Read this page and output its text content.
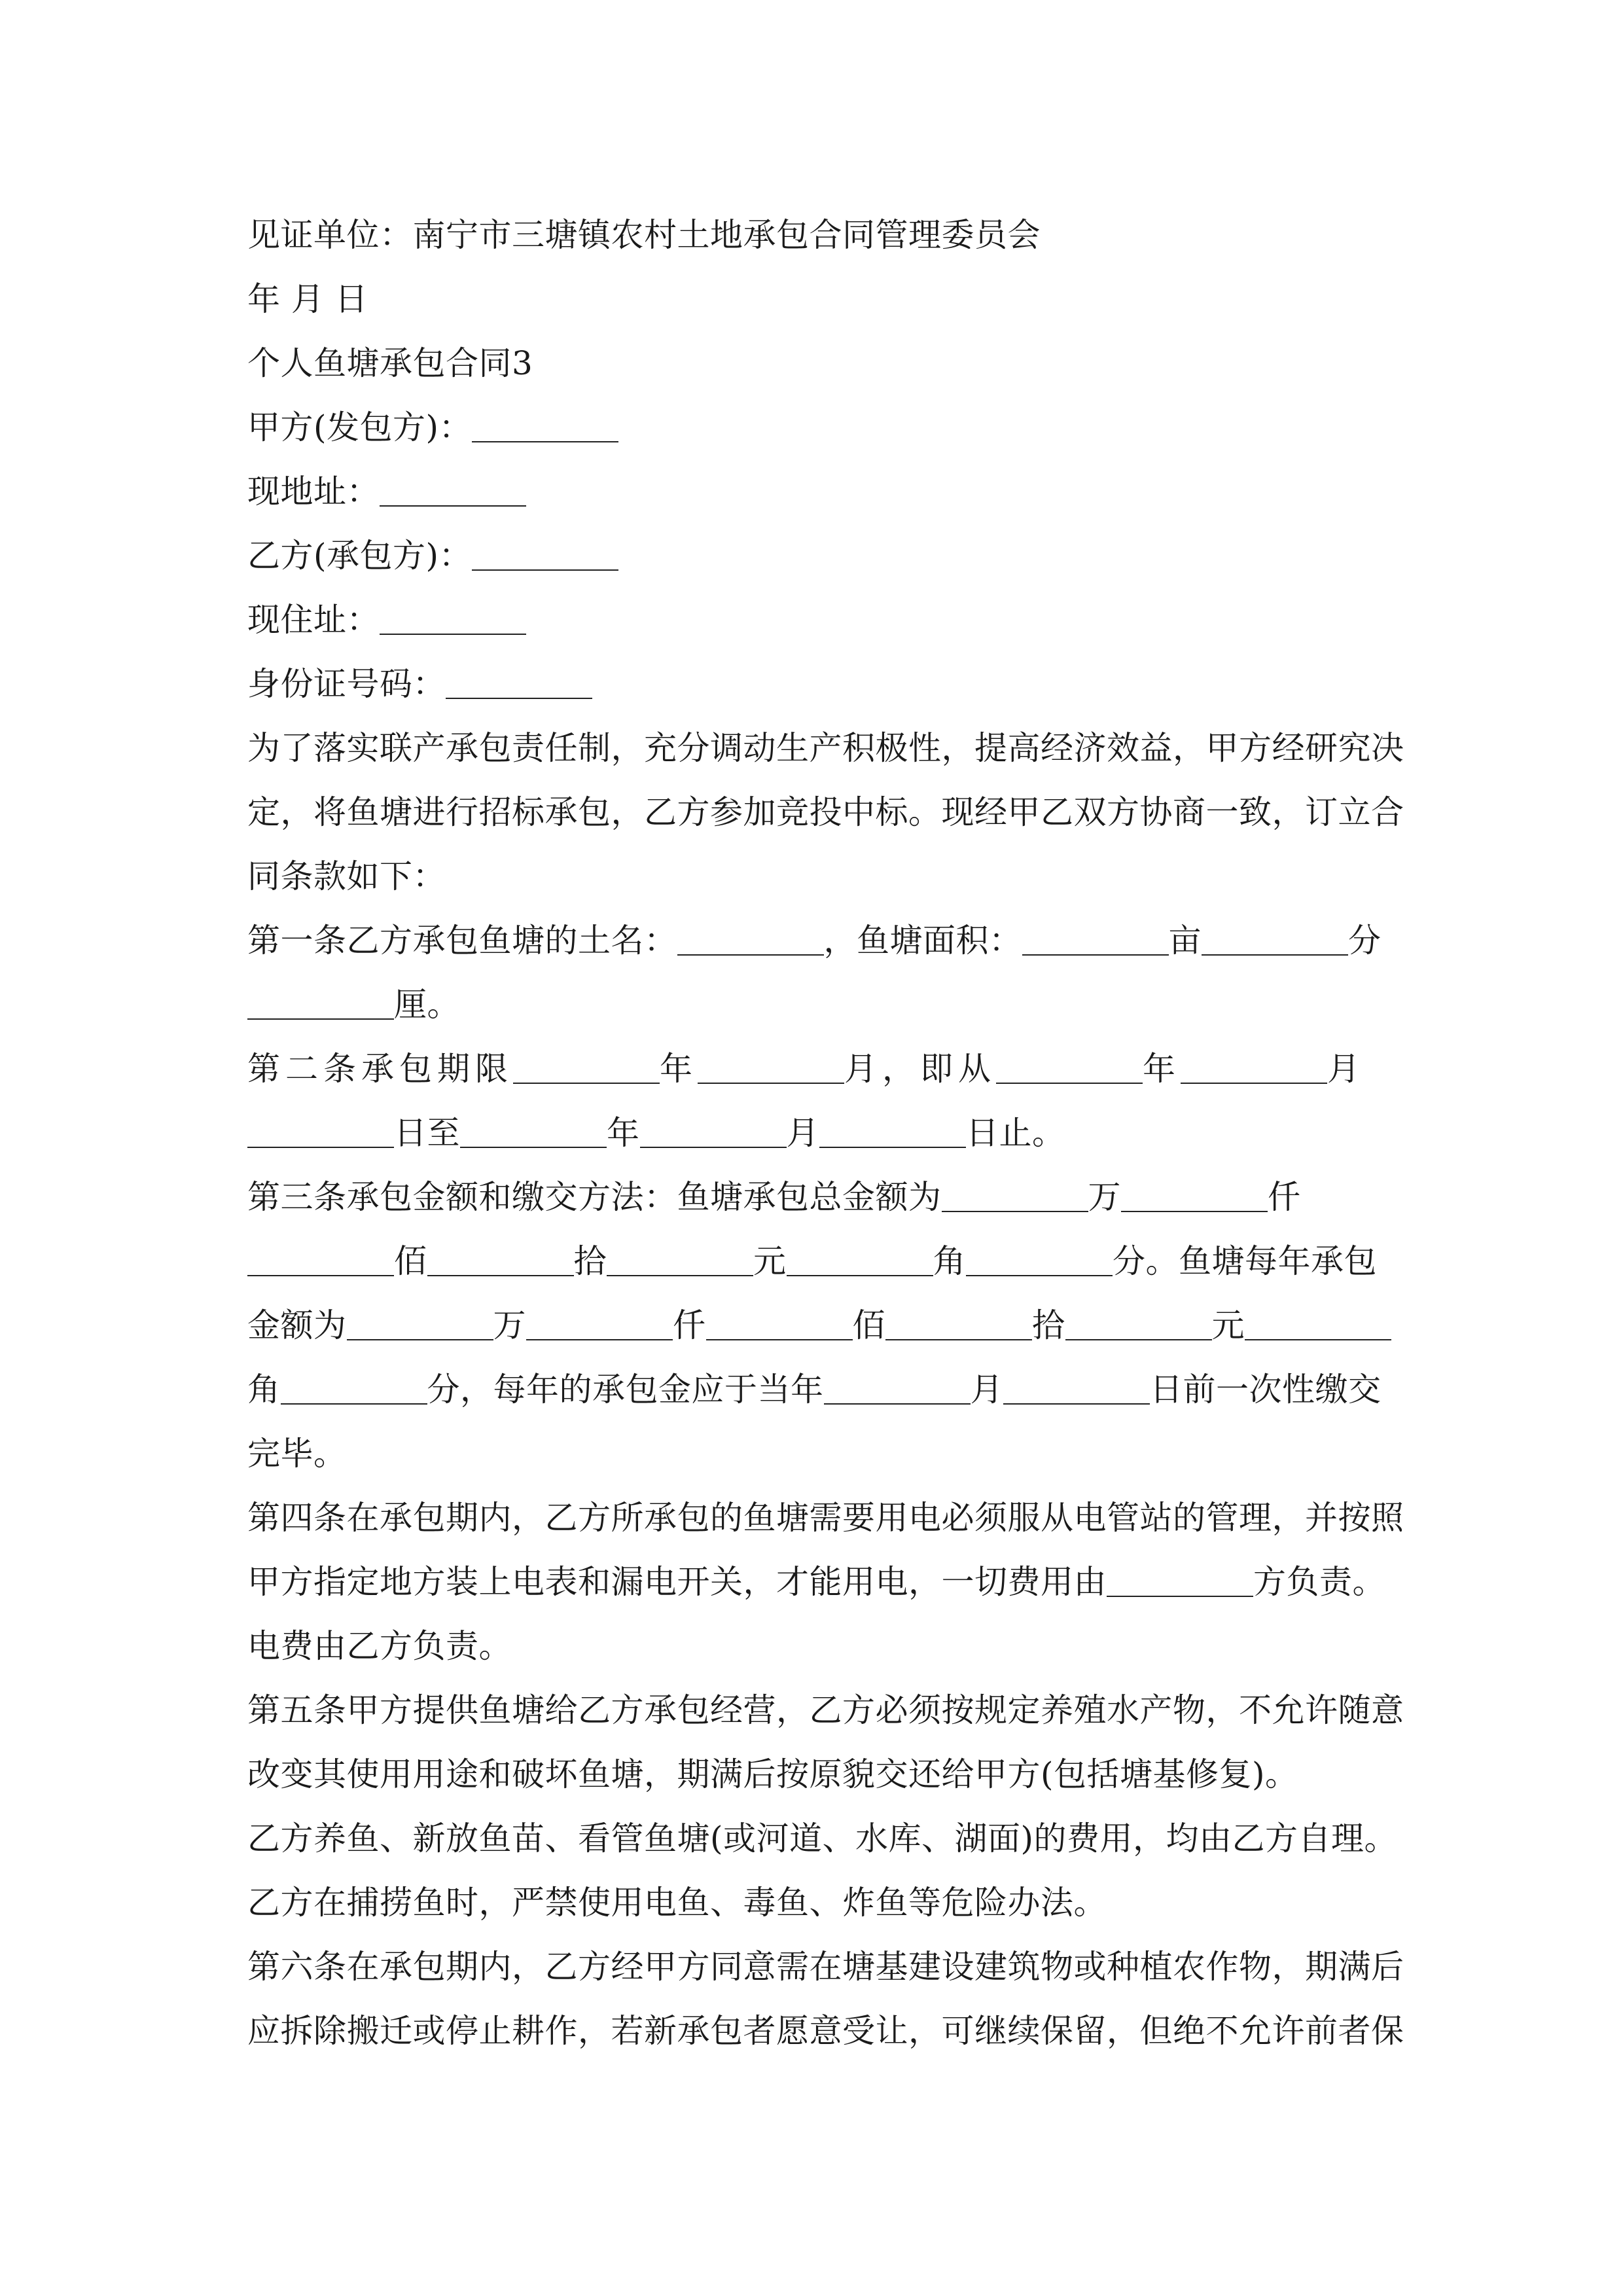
见证单位：南宁市三塘镇农村土地承包合同管理委员会
年 月 日
个人鱼塘承包合同3
甲方(发包方)：
现地址：
乙方(承包方)：
现住址：
身份证号码：
为了落实联产承包责任制，充分调动生产积极性，提高经济效益，甲方经研究决
定，将鱼塘进行招标承包，乙方参加竞投中标。现经甲乙双方协商一致，订立合
同条款如下：
第一条乙方承包鱼塘的土名：	，鱼塘面积：	亩	分
厘。
第二条承包期限	年	月，即从	年	月
日至	年	月	日止。
第三条承包金额和缴交方法：鱼塘承包总金额为	万	仟
佰	拾	元	角	分。鱼塘每年承包
金额为	万	仟	佰	拾	元
角	分，每年的承包金应于当年	月	日前一次性缴交
完毕。
第四条在承包期内，乙方所承包的鱼塘需要用电必须服从电管站的管理，并按照
甲方指定地方装上电表和漏电开关，才能用电，一切费用由	方负责。
电费由乙方负责。
第五条甲方提供鱼塘给乙方承包经营，乙方必须按规定养殖水产物，不允许随意
改变其使用用途和破坏鱼塘，期满后按原貌交还给甲方(包括塘基修复)。
乙方养鱼、新放鱼苗、看管鱼塘(或河道、水库、湖面)的费用，均由乙方自理。
乙方在捕捞鱼时，严禁使用电鱼、毒鱼、炸鱼等危险办法。
第六条在承包期内，乙方经甲方同意需在塘基建设建筑物或种植农作物，期满后
应拆除搬迁或停止耕作，若新承包者愿意受让，可继续保留，但绝不允许前者保
